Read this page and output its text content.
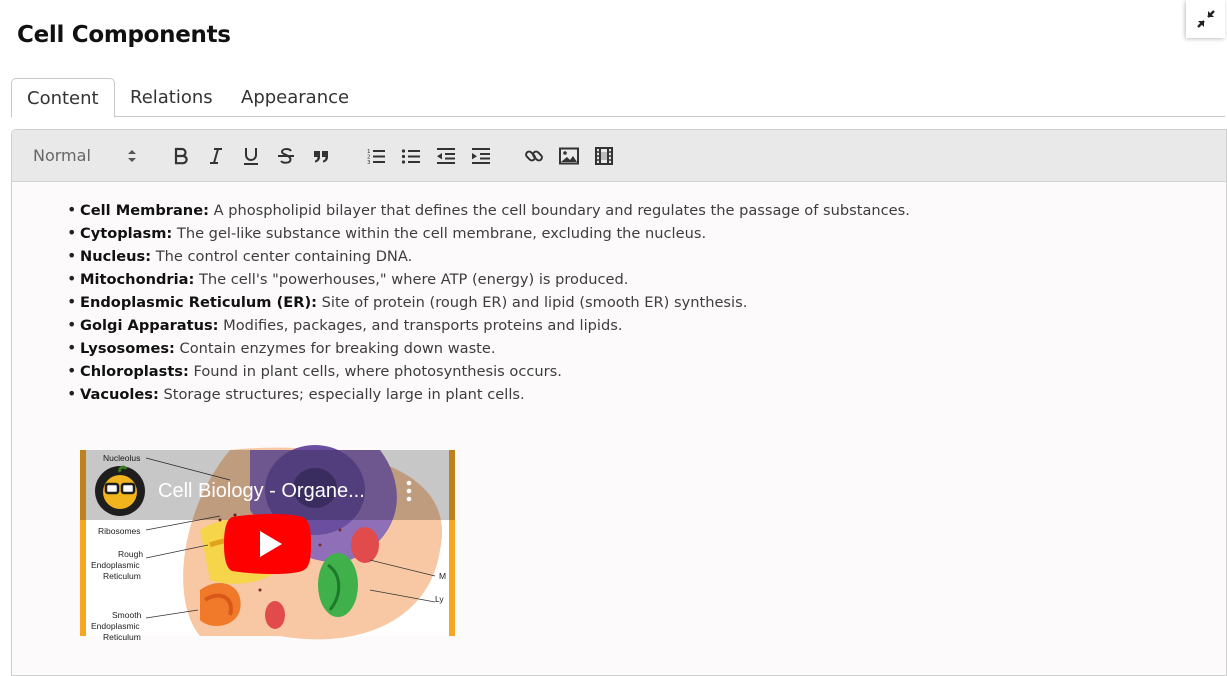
Cell Components
Content	Relations Appearance
Normal	1
2
3
• Cell Membrane: A phospholipid bilayer that defines the cell boundary and regulates the passage of substances.
• Cytoplasm: The gel-like substance within the cell membrane, excluding the nucleus.
• Nucleus: The control center containing DNA.
• Mitochondria: The cell's "powerhouses," where ATP (energy) is produced.
• Endoplasmic Reticulum (ER): Site of protein (rough ER) and lipid (smooth ER) synthesis.
• Golgi Apparatus: Modifies, packages, and transports proteins and lipids.
• Lysosomes: Contain enzymes for breaking down waste.
• Chloroplasts: Found in plant cells, where photosynthesis occurs.
• Vacuoles: Storage structures; especially large in plant cells.
Nucleolus
Ribosomes
Rough
Endoplasmic
Reticulum
Smooth
Endoplasmic
Reticulum
M
Ly
Cell Biology - Organe...
